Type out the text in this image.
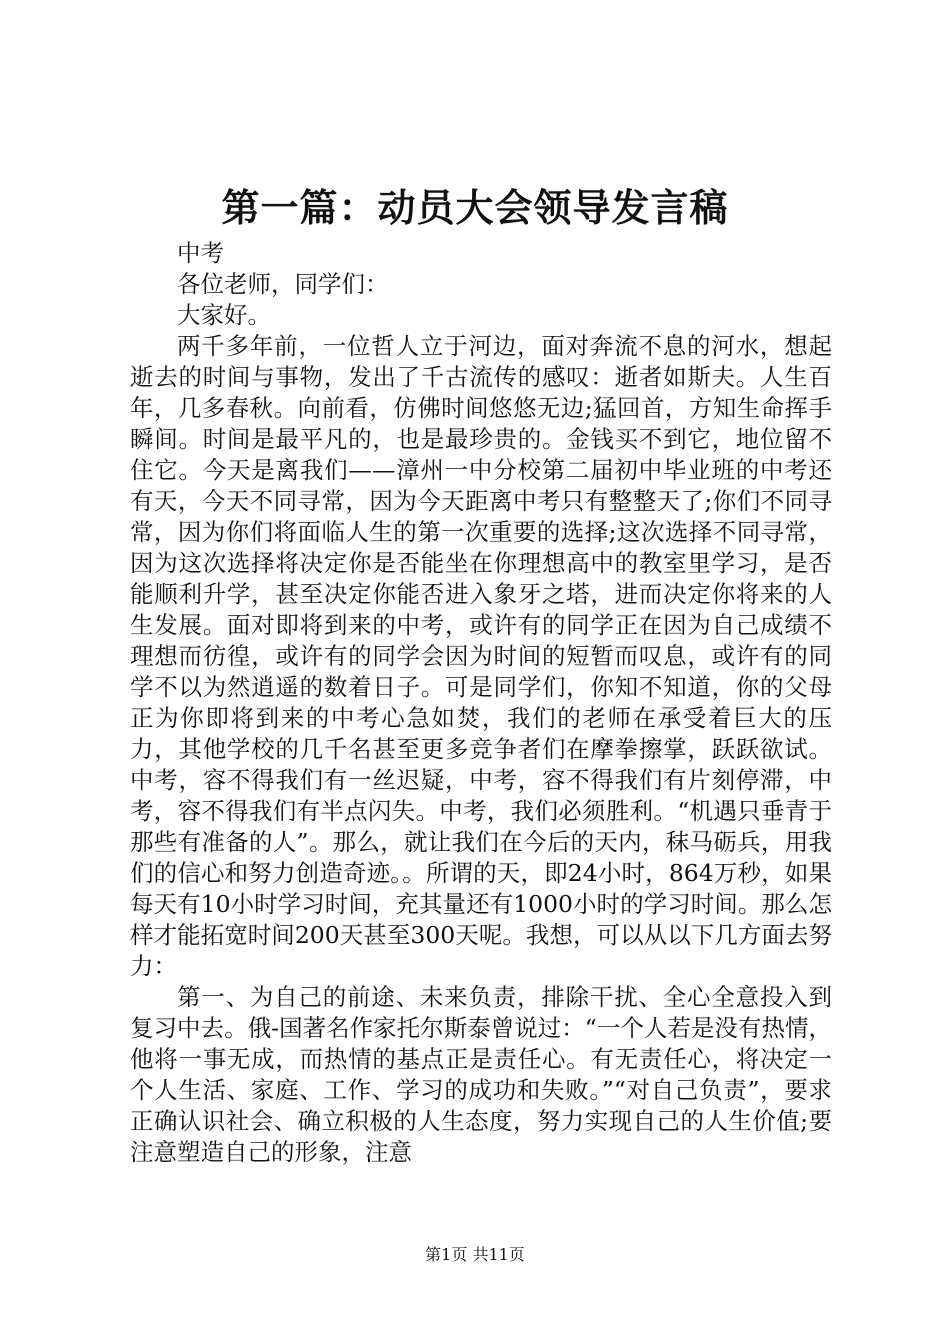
第一篇：动员大会领导发言稿

中考

各位老师，同学们：

大家好。

两千多年前，一位哲人立于河边，面对奔流不息的河水，想起逝去的时间与事物，发出了千古流传的感叹：逝者如斯夫。人生百年，几多春秋。向前看，仿佛时间悠悠无边;猛回首，方知生命挥手瞬间。时间是最平凡的，也是最珍贵的。金钱买不到它，地位留不住它。今天是离我们——漳州一中分校第二届初中毕业班的中考还有天，今天不同寻常，因为今天距离中考只有整整天了;你们不同寻常，因为你们将面临人生的第一次重要的选择;这次选择不同寻常，因为这次选择将决定你是否能坐在你理想高中的教室里学习，是否能顺利升学，甚至决定你能否进入象牙之塔，进而决定你将来的人生发展。面对即将到来的中考，或许有的同学正在因为自己成绩不理想而彷徨，或许有的同学会因为时间的短暂而叹息，或许有的同学不以为然逍遥的数着日子。可是同学们，你知不知道，你的父母正为你即将到来的中考心急如焚，我们的老师在承受着巨大的压力，其他学校的几千名甚至更多竞争者们在摩拳擦掌，跃跃欲试。中考，容不得我们有一丝迟疑，中考，容不得我们有片刻停滞，中考，容不得我们有半点闪失。中考，我们必须胜利。“机遇只垂青于那些有准备的人”。那么，就让我们在今后的天内，秣马砺兵，用我们的信心和努力创造奇迹。。所谓的天，即24小时，864万秒，如果每天有10小时学习时间，充其量还有1000小时的学习时间。那么怎样才能拓宽时间200天甚至300天呢。我想，可以从以下几方面去努力：

第一、为自己的前途、未来负责，排除干扰、全心全意投入到复习中去。俄-国著名作家托尔斯泰曾说过：“一个人若是没有热情，他将一事无成，而热情的基点正是责任心。有无责任心，将决定一个人生活、家庭、工作、学习的成功和失败。”“对自己负责”，要求正确认识社会、确立积极的人生态度，努力实现自己的人生价值;要注意塑造自己的形象，注意

第1页 共11页
